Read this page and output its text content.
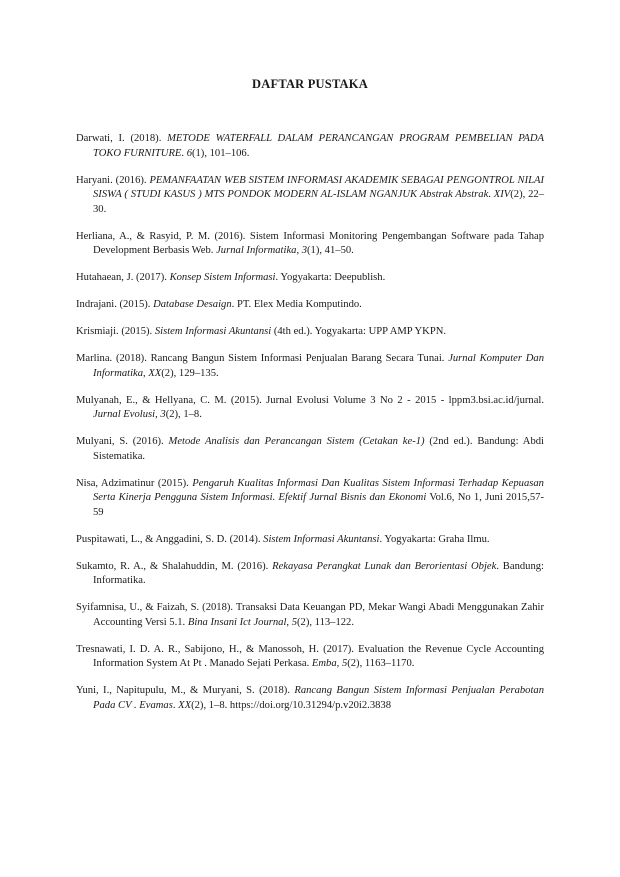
DAFTAR PUSTAKA

Darwati, I. (2018). METODE WATERFALL DALAM PERANCANGAN PROGRAM PEMBELIAN PADA TOKO FURNITURE. 6(1), 101–106.

Haryani. (2016). PEMANFAATAN WEB SISTEM INFORMASI AKADEMIK SEBAGAI PENGONTROL NILAI SISWA ( STUDI KASUS ) MTS PONDOK MODERN AL-ISLAM NGANJUK Abstrak Abstrak. XIV(2), 22–30.

Herliana, A., & Rasyid, P. M. (2016). Sistem Informasi Monitoring Pengembangan Software pada Tahap Development Berbasis Web. Jurnal Informatika, 3(1), 41–50.

Hutahaean, J. (2017). Konsep Sistem Informasi. Yogyakarta: Deepublish.

Indrajani. (2015). Database Desaign. PT. Elex Media Komputindo.

Krismiaji. (2015). Sistem Informasi Akuntansi (4th ed.). Yogyakarta: UPP AMP YKPN.

Marlina. (2018). Rancang Bangun Sistem Informasi Penjualan Barang Secara Tunai. Jurnal Komputer Dan Informatika, XX(2), 129–135.

Mulyanah, E., & Hellyana, C. M. (2015). Jurnal Evolusi Volume 3 No 2 - 2015 - lppm3.bsi.ac.id/jurnal. Jurnal Evolusi, 3(2), 1–8.

Mulyani, S. (2016). Metode Analisis dan Perancangan Sistem (Cetakan ke-1) (2nd ed.). Bandung: Abdi Sistematika.

Nisa, Adzimatinur (2015). Pengaruh Kualitas Informasi Dan Kualitas Sistem Informasi Terhadap Kepuasan Serta Kinerja Pengguna Sistem Informasi. Efektif Jurnal Bisnis dan Ekonomi Vol.6, No 1, Juni 2015,57-59

Puspitawati, L., & Anggadini, S. D. (2014). Sistem Informasi Akuntansi. Yogyakarta: Graha Ilmu.

Sukamto, R. A., & Shalahuddin, M. (2016). Rekayasa Perangkat Lunak dan Berorientasi Objek. Bandung: Informatika.

Syifamnisa, U., & Faizah, S. (2018). Transaksi Data Keuangan PD, Mekar Wangi Abadi Menggunakan Zahir Accounting Versi 5.1. Bina Insani Ict Journal, 5(2), 113–122.

Tresnawati, I. D. A. R., Sabijono, H., & Manossoh, H. (2017). Evaluation the Revenue Cycle Accounting Information System At Pt . Manado Sejati Perkasa. Emba, 5(2), 1163–1170.

Yuni, I., Napitupulu, M., & Muryani, S. (2018). Rancang Bangun Sistem Informasi Penjualan Perabotan Pada CV . Evamas. XX(2), 1–8. https://doi.org/10.31294/p.v20i2.3838
